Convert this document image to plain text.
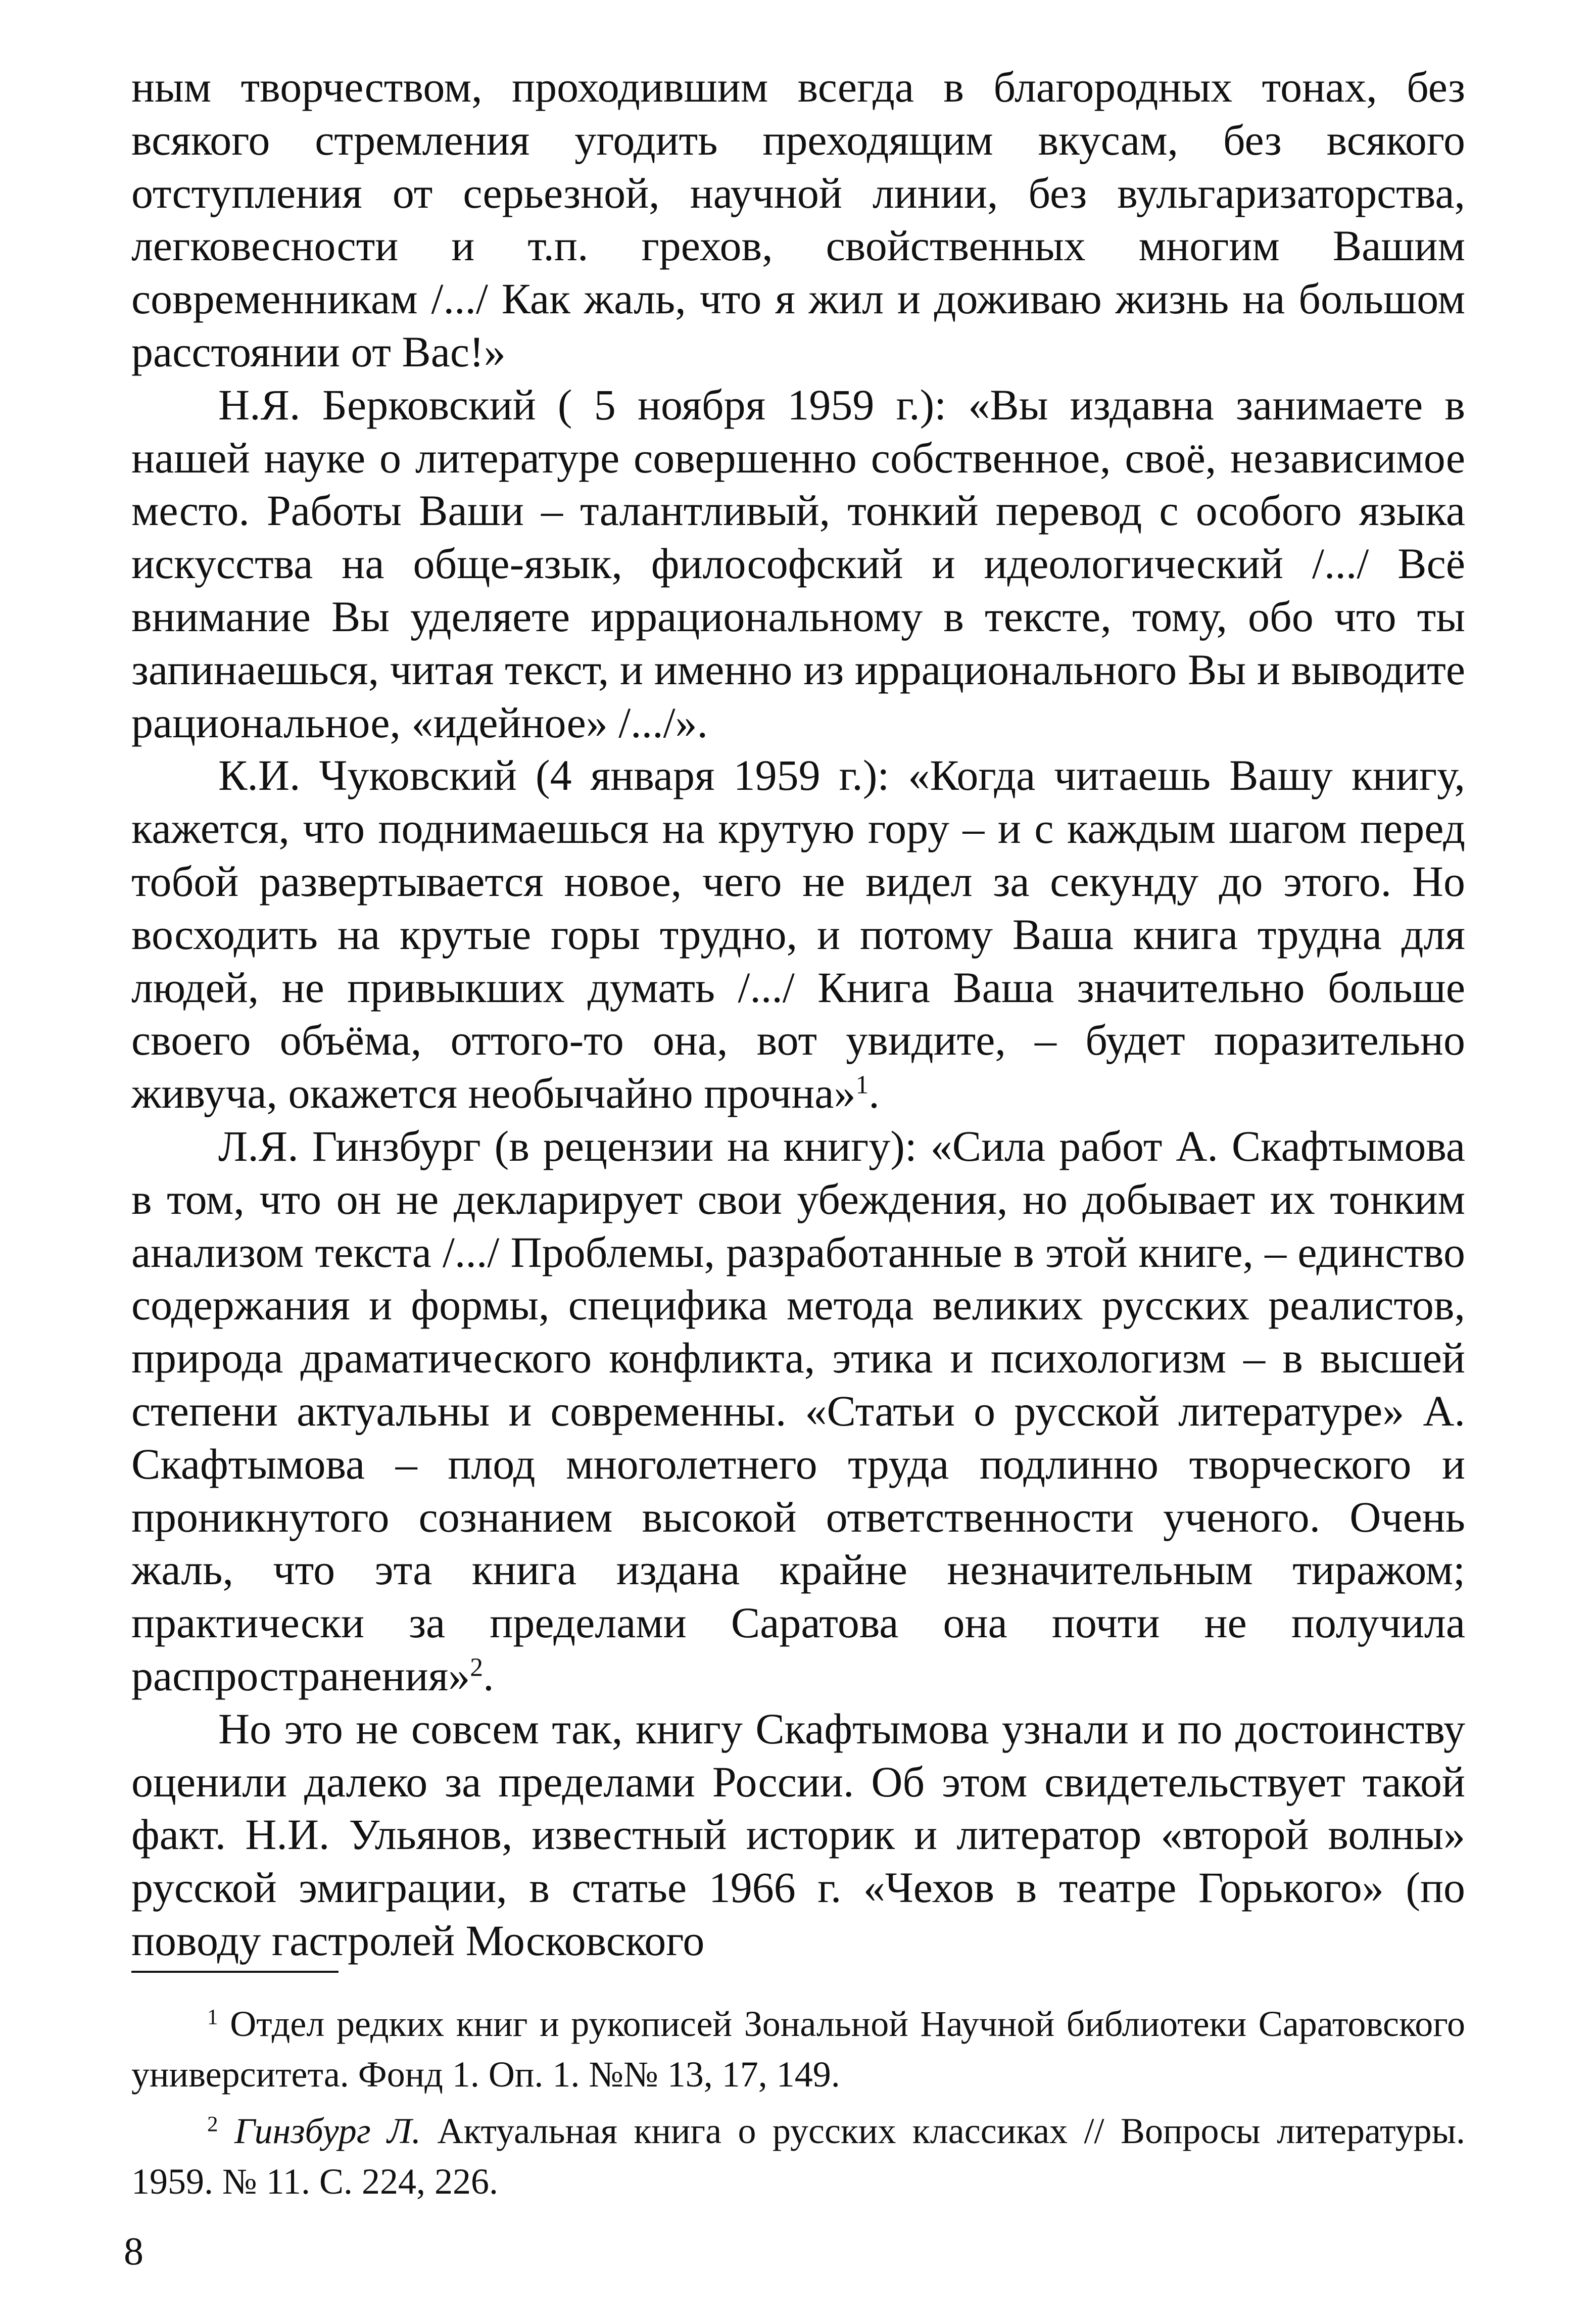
ным творчеством, проходившим всегда в благородных тонах, без всякого стремления угодить преходящим вкусам, без всякого отступления от серьезной, научной линии, без вульгаризаторства, легковесности и т.п. грехов, свойственных многим Вашим современникам /.../ Как жаль, что я жил и доживаю жизнь на большом расстоянии от Вас!»

Н.Я. Берковский ( 5 ноября 1959 г.): «Вы издавна занимаете в нашей науке о литературе совершенно собственное, своё, независимое место. Работы Ваши – талантливый, тонкий перевод с особого языка искусства на обще-язык, философский и идеологический /.../ Всё внимание Вы уделяете иррациональному в тексте, тому, обо что ты запинаешься, читая текст, и именно из иррационального Вы и выводите рациональное, «идейное» /.../».

К.И. Чуковский (4 января 1959 г.): «Когда читаешь Вашу книгу, кажется, что поднимаешься на крутую гору – и с каждым шагом перед тобой развертывается новое, чего не видел за секунду до этого. Но восходить на крутые горы трудно, и потому Ваша книга трудна для людей, не привыкших думать /.../ Книга Ваша значительно больше своего объёма, оттого-то она, вот увидите, – будет поразительно живуча, окажется необычайно прочна»$^1$.

Л.Я. Гинзбург (в рецензии на книгу): «Сила работ А. Скафтымова в том, что он не декларирует свои убеждения, но добывает их тонким анализом текста /.../ Проблемы, разработанные в этой книге, – единство содержания и формы, специфика метода великих русских реалистов, природа драматического конфликта, этика и психологизм – в высшей степени актуальны и современны. «Статьи о русской литературе» А. Скафтымова – плод многолетнего труда подлинно творческого и проникнутого сознанием высокой ответственности ученого. Очень жаль, что эта книга издана крайне незначительным тиражом; практически за пределами Саратова она почти не получила распространения»$^2$.

Но это не совсем так, книгу Скафтымова узнали и по достоинству оценили далеко за пределами России. Об этом свидетельствует такой факт. Н.И. Ульянов, известный историк и литератор «второй волны» русской эмиграции, в статье 1966 г. «Чехов в театре Горького» (по поводу гастролей Московского

$^1$ Отдел редких книг и рукописей Зональной Научной библиотеки Саратовского университета. Фонд 1. Оп. 1. №№ 13, 17, 149.

$^2$ Гинзбург Л. Актуальная книга о русских классиках // Вопросы литературы. 1959. № 11. С. 224, 226.

8
